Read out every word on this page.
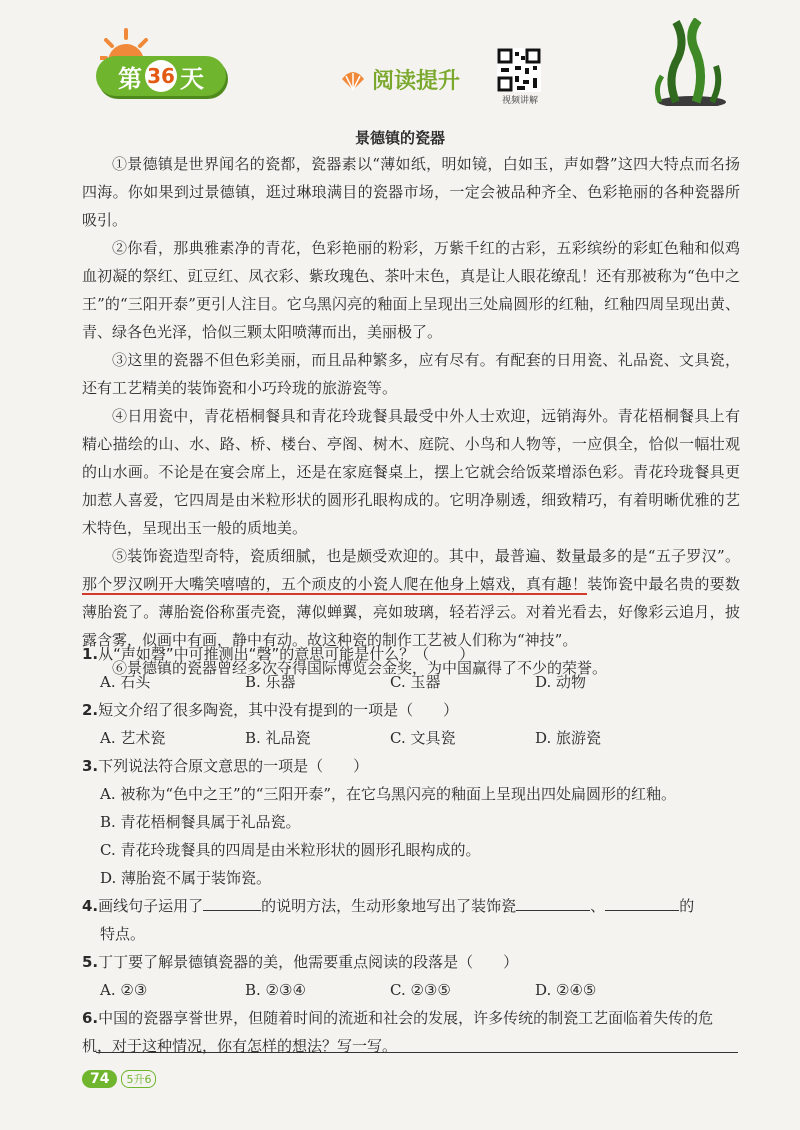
第 36 天	阅读提升
视频讲解
景德镇的瓷器

①景德镇是世界闻名的瓷都，瓷器素以“薄如纸，明如镜，白如玉，声如磬”这四大特点而名扬四海。你如果到过景德镇，逛过琳琅满目的瓷器市场，一定会被品种齐全、色彩艳丽的各种瓷器所吸引。

②你看，那典雅素净的青花，色彩艳丽的粉彩，万紫千红的古彩，五彩缤纷的彩虹色釉和似鸡血初凝的祭红、豇豆红、凤衣彩、紫玫瑰色、茶叶末色，真是让人眼花缭乱！还有那被称为“色中之王”的“三阳开泰”更引人注目。它乌黑闪亮的釉面上呈现出三处扁圆形的红釉，红釉四周呈现出黄、青、绿各色光泽，恰似三颗太阳喷薄而出，美丽极了。

③这里的瓷器不但色彩美丽，而且品种繁多，应有尽有。有配套的日用瓷、礼品瓷、文具瓷，还有工艺精美的装饰瓷和小巧玲珑的旅游瓷等。

④日用瓷中，青花梧桐餐具和青花玲珑餐具最受中外人士欢迎，远销海外。青花梧桐餐具上有精心描绘的山、水、路、桥、楼台、亭阁、树木、庭院、小鸟和人物等，一应俱全，恰似一幅壮观的山水画。不论是在宴会席上，还是在家庭餐桌上，摆上它就会给饭菜增添色彩。青花玲珑餐具更加惹人喜爱，它四周是由米粒形状的圆形孔眼构成的。它明净剔透，细致精巧，有着明晰优雅的艺术特色，呈现出玉一般的质地美。

⑤装饰瓷造型奇特，瓷质细腻，也是颇受欢迎的。其中，最普遍、数量最多的是“五子罗汉”。那个罗汉咧开大嘴笑嘻嘻的，五个顽皮的小瓷人爬在他身上嬉戏，真有趣！装饰瓷中最名贵的要数薄胎瓷了。薄胎瓷俗称蛋壳瓷，薄似蝉翼，亮如玻璃，轻若浮云。对着光看去，好像彩云追月，披露含雾，似画中有画，静中有动。故这种瓷的制作工艺被人们称为“神技”。

⑥景德镇的瓷器曾经多次夺得国际博览会金奖，为中国赢得了不少的荣誉。

1.从“声如磬”中可推测出“磬”的意思可能是什么？（　　）

A. 石头	B. 乐器	C. 玉器	D. 动物

2.短文介绍了很多陶瓷，其中没有提到的一项是（　　）

A. 艺术瓷	B. 礼品瓷	C. 文具瓷	D. 旅游瓷

3.下列说法符合原文意思的一项是（　　）

A. 被称为“色中之王”的“三阳开泰”，在它乌黑闪亮的釉面上呈现出四处扁圆形的红釉。

B. 青花梧桐餐具属于礼品瓷。

C. 青花玲珑餐具的四周是由米粒形状的圆形孔眼构成的。

D. 薄胎瓷不属于装饰瓷。

4.画线句子运用了	的说明方法，生动形象地写出了装饰瓷	、	的

特点。

5.丁丁要了解景德镇瓷器的美，他需要重点阅读的段落是（　　）

A. ②③	B. ②③④	C. ②③⑤	D. ②④⑤

6.中国的瓷器享誉世界，但随着时间的流逝和社会的发展，许多传统的制瓷工艺面临着失传的危机，对于这种情况，你有怎样的想法？写一写。

74	5升6
